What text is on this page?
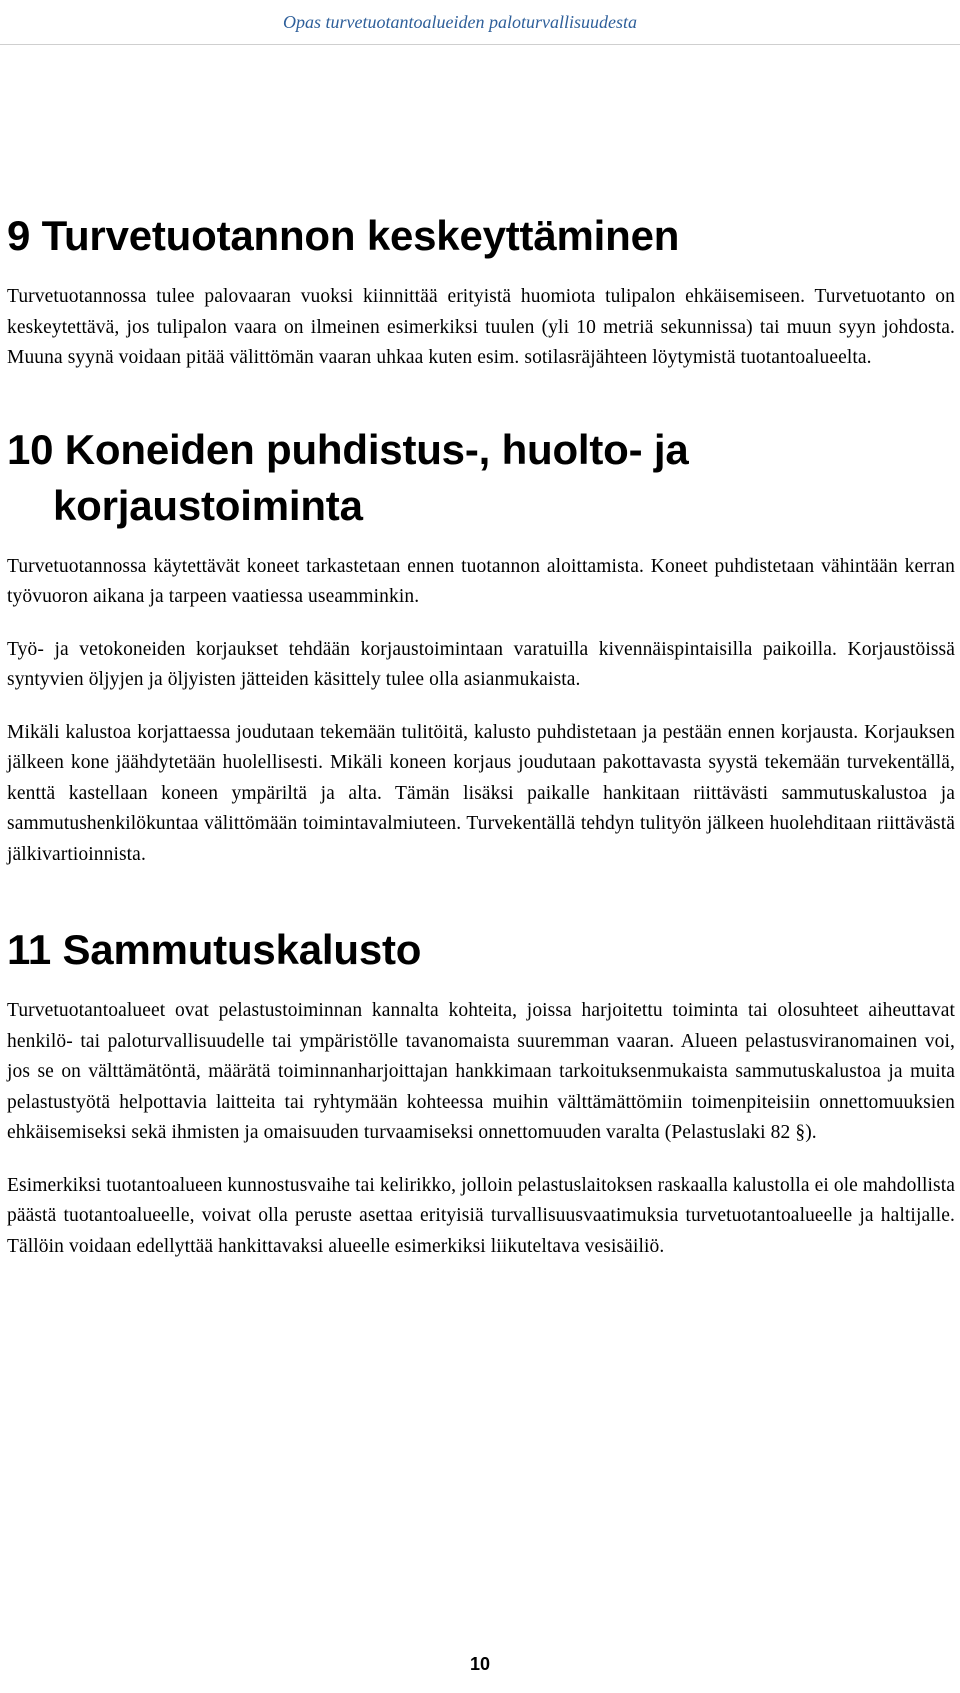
Opas turvetuotantoalueiden paloturvallisuudesta
9 Turvetuotannon keskeyttäminen

Turvetuotannossa tulee palovaaran vuoksi kiinnittää erityistä huomiota tulipalon ehkäisemiseen. Turvetuotanto on keskeytettävä, jos tulipalon vaara on ilmeinen esimerkiksi tuulen (yli 10 metriä sekunnissa) tai muun syyn johdosta. Muuna syynä voidaan pitää välittömän vaaran uhkaa kuten esim. sotilasräjähteen löytymistä tuotantoalueelta.

10 Koneiden puhdistus-, huolto- ja korjaustoiminta

Turvetuotannossa käytettävät koneet tarkastetaan ennen tuotannon aloittamista. Koneet puhdistetaan vähintään kerran työvuoron aikana ja tarpeen vaatiessa useamminkin.

Työ- ja vetokoneiden korjaukset tehdään korjaustoimintaan varatuilla kivennäispintaisilla paikoilla. Korjaustöissä syntyvien öljyjen ja öljyisten jätteiden käsittely tulee olla asianmukaista.

Mikäli kalustoa korjattaessa joudutaan tekemään tulitöitä, kalusto puhdistetaan ja pestään ennen korjausta. Korjauksen jälkeen kone jäähdytetään huolellisesti. Mikäli koneen korjaus joudutaan pakottavasta syystä tekemään turvekentällä, kenttä kastellaan koneen ympäriltä ja alta. Tämän lisäksi paikalle hankitaan riittävästi sammutuskalustoa ja sammutushenkilökuntaa välittömään toimintavalmiuteen. Turvekentällä tehdyn tulityön jälkeen huolehditaan riittävästä jälkivartioinnista.

11 Sammutuskalusto

Turvetuotantoalueet ovat pelastustoiminnan kannalta kohteita, joissa harjoitettu toiminta tai olosuhteet aiheuttavat henkilö- tai paloturvallisuudelle tai ympäristölle tavanomaista suuremman vaaran. Alueen pelastusviranomainen voi, jos se on välttämätöntä, määrätä toiminnanharjoittajan hankkimaan tarkoituksenmukaista sammutuskalustoa ja muita pelastustyötä helpottavia laitteita tai ryhtymään kohteessa muihin välttämättömiin toimenpiteisiin onnettomuuksien ehkäisemiseksi sekä ihmisten ja omaisuuden turvaamiseksi onnettomuuden varalta (Pelastuslaki 82 §).

Esimerkiksi tuotantoalueen kunnostusvaihe tai kelirikko, jolloin pelastuslaitoksen raskaalla kalustolla ei ole mahdollista päästä tuotantoalueelle, voivat olla peruste asettaa erityisiä turvallisuusvaatimuksia turvetuotantoalueelle ja haltijalle. Tällöin voidaan edellyttää hankittavaksi alueelle esimerkiksi liikuteltava vesisäiliö.

10
